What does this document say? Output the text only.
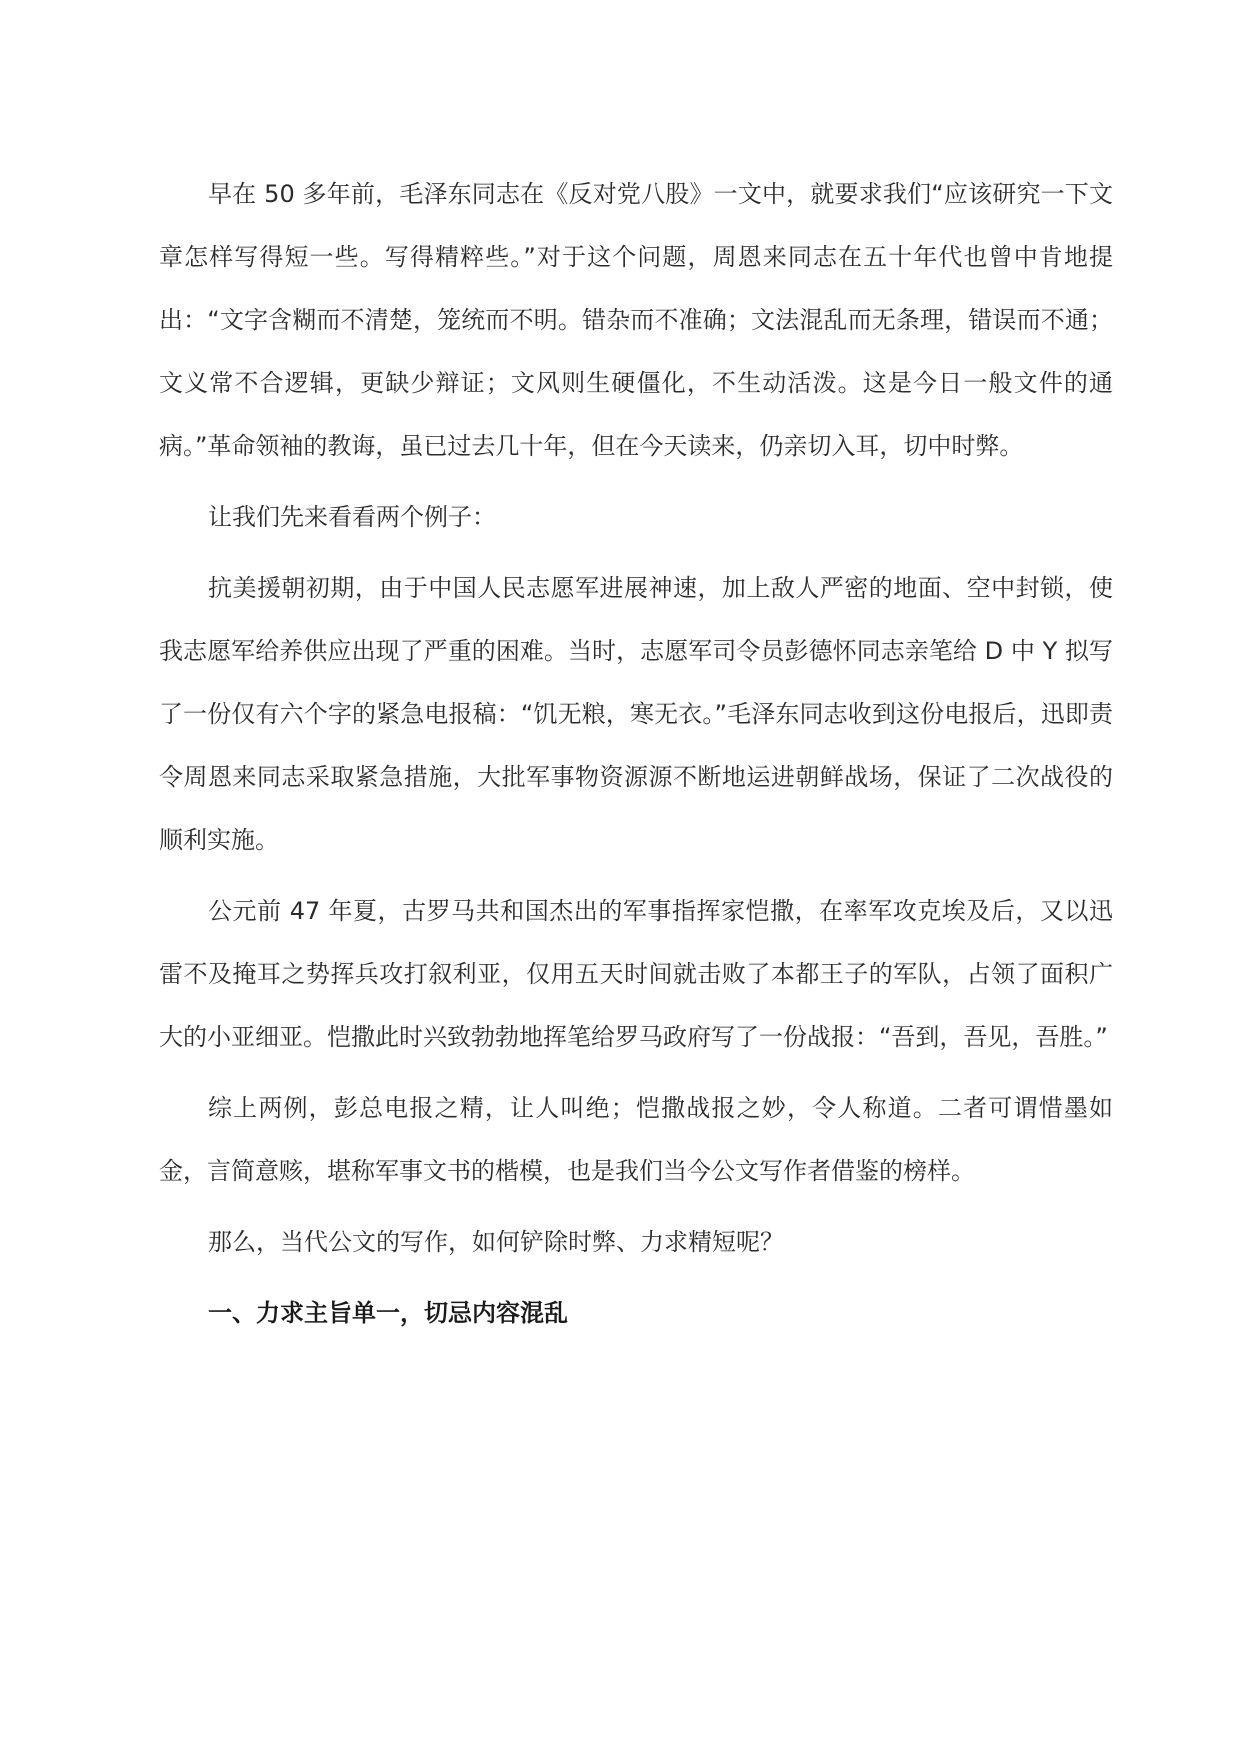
早在 50 多年前，毛泽东同志在《反对党八股》一文中，就要求我们“应该研究一下文章怎样写得短一些。写得精粹些。”对于这个问题，周恩来同志在五十年代也曾中肯地提出：“文字含糊而不清楚，笼统而不明。错杂而不准确；文法混乱而无条理，错误而不通；文义常不合逻辑，更缺少辩证；文风则生硬僵化，不生动活泼。这是今日一般文件的通病。”革命领袖的教诲，虽已过去几十年，但在今天读来，仍亲切入耳，切中时弊。

让我们先来看看两个例子：

抗美援朝初期，由于中国人民志愿军进展神速，加上敌人严密的地面、空中封锁，使我志愿军给养供应出现了严重的困难。当时，志愿军司令员彭德怀同志亲笔给 D 中 Y 拟写了一份仅有六个字的紧急电报稿：“饥无粮，寒无衣。”毛泽东同志收到这份电报后，迅即责令周恩来同志采取紧急措施，大批军事物资源源不断地运进朝鲜战场，保证了二次战役的顺利实施。

公元前 47 年夏，古罗马共和国杰出的军事指挥家恺撒，在率军攻克埃及后，又以迅雷不及掩耳之势挥兵攻打叙利亚，仅用五天时间就击败了本都王子的军队，占领了面积广大的小亚细亚。恺撒此时兴致勃勃地挥笔给罗马政府写了一份战报：“吾到，吾见，吾胜。”

综上两例，彭总电报之精，让人叫绝；恺撒战报之妙，令人称道。二者可谓惜墨如金，言简意赅，堪称军事文书的楷模，也是我们当今公文写作者借鉴的榜样。

那么，当代公文的写作，如何铲除时弊、力求精短呢？

一、力求主旨单一，切忌内容混乱
